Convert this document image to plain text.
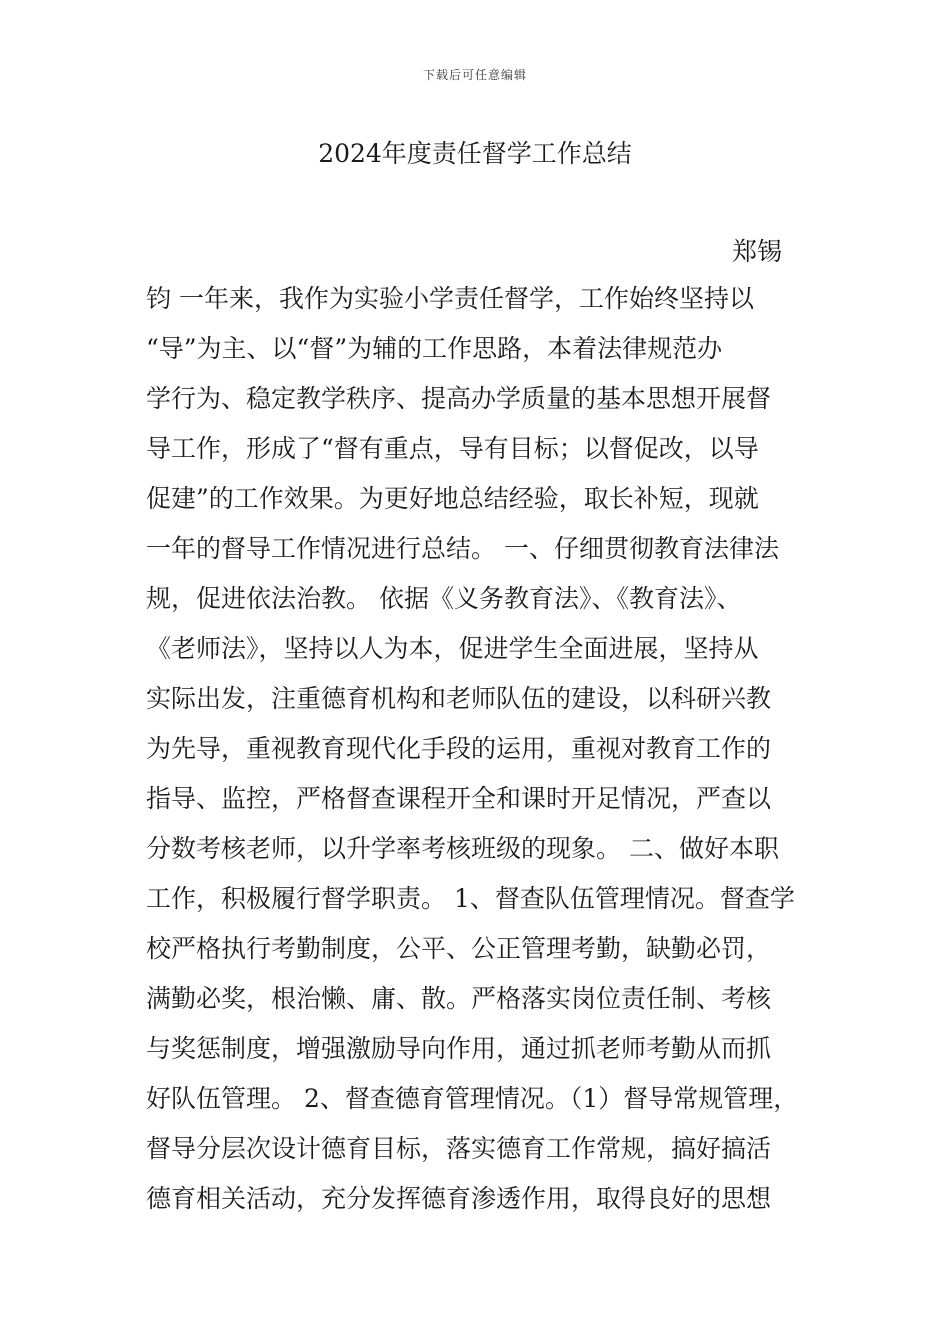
下载后可任意编辑
2024年度责任督学工作总结
郑锡
钧 一年来，我作为实验小学责任督学，工作始终坚持以
“导”为主、以“督”为辅的工作思路，本着法律规范办
学行为、稳定教学秩序、提高办学质量的基本思想开展督
导工作，形成了“督有重点，导有目标；以督促改，以导
促建”的工作效果。为更好地总结经验，取长补短，现就
一年的督导工作情况进行总结。 一、仔细贯彻教育法律法
规，促进依法治教。 依据《义务教育法》、《教育法》、
《老师法》，坚持以人为本，促进学生全面进展，坚持从
实际出发，注重德育机构和老师队伍的建设，以科研兴教
为先导，重视教育现代化手段的运用，重视对教育工作的
指导、监控，严格督查课程开全和课时开足情况，严查以
分数考核老师，以升学率考核班级的现象。 二、做好本职
工作，积极履行督学职责。 1、督查队伍管理情况。督查学
校严格执行考勤制度，公平、公正管理考勤，缺勤必罚，
满勤必奖，根治懒、庸、散。严格落实岗位责任制、考核
与奖惩制度，增强激励导向作用，通过抓老师考勤从而抓
好队伍管理。 2、督查德育管理情况。（1）督导常规管理，
督导分层次设计德育目标，落实德育工作常规，搞好搞活
德育相关活动，充分发挥德育渗透作用，取得良好的思想
